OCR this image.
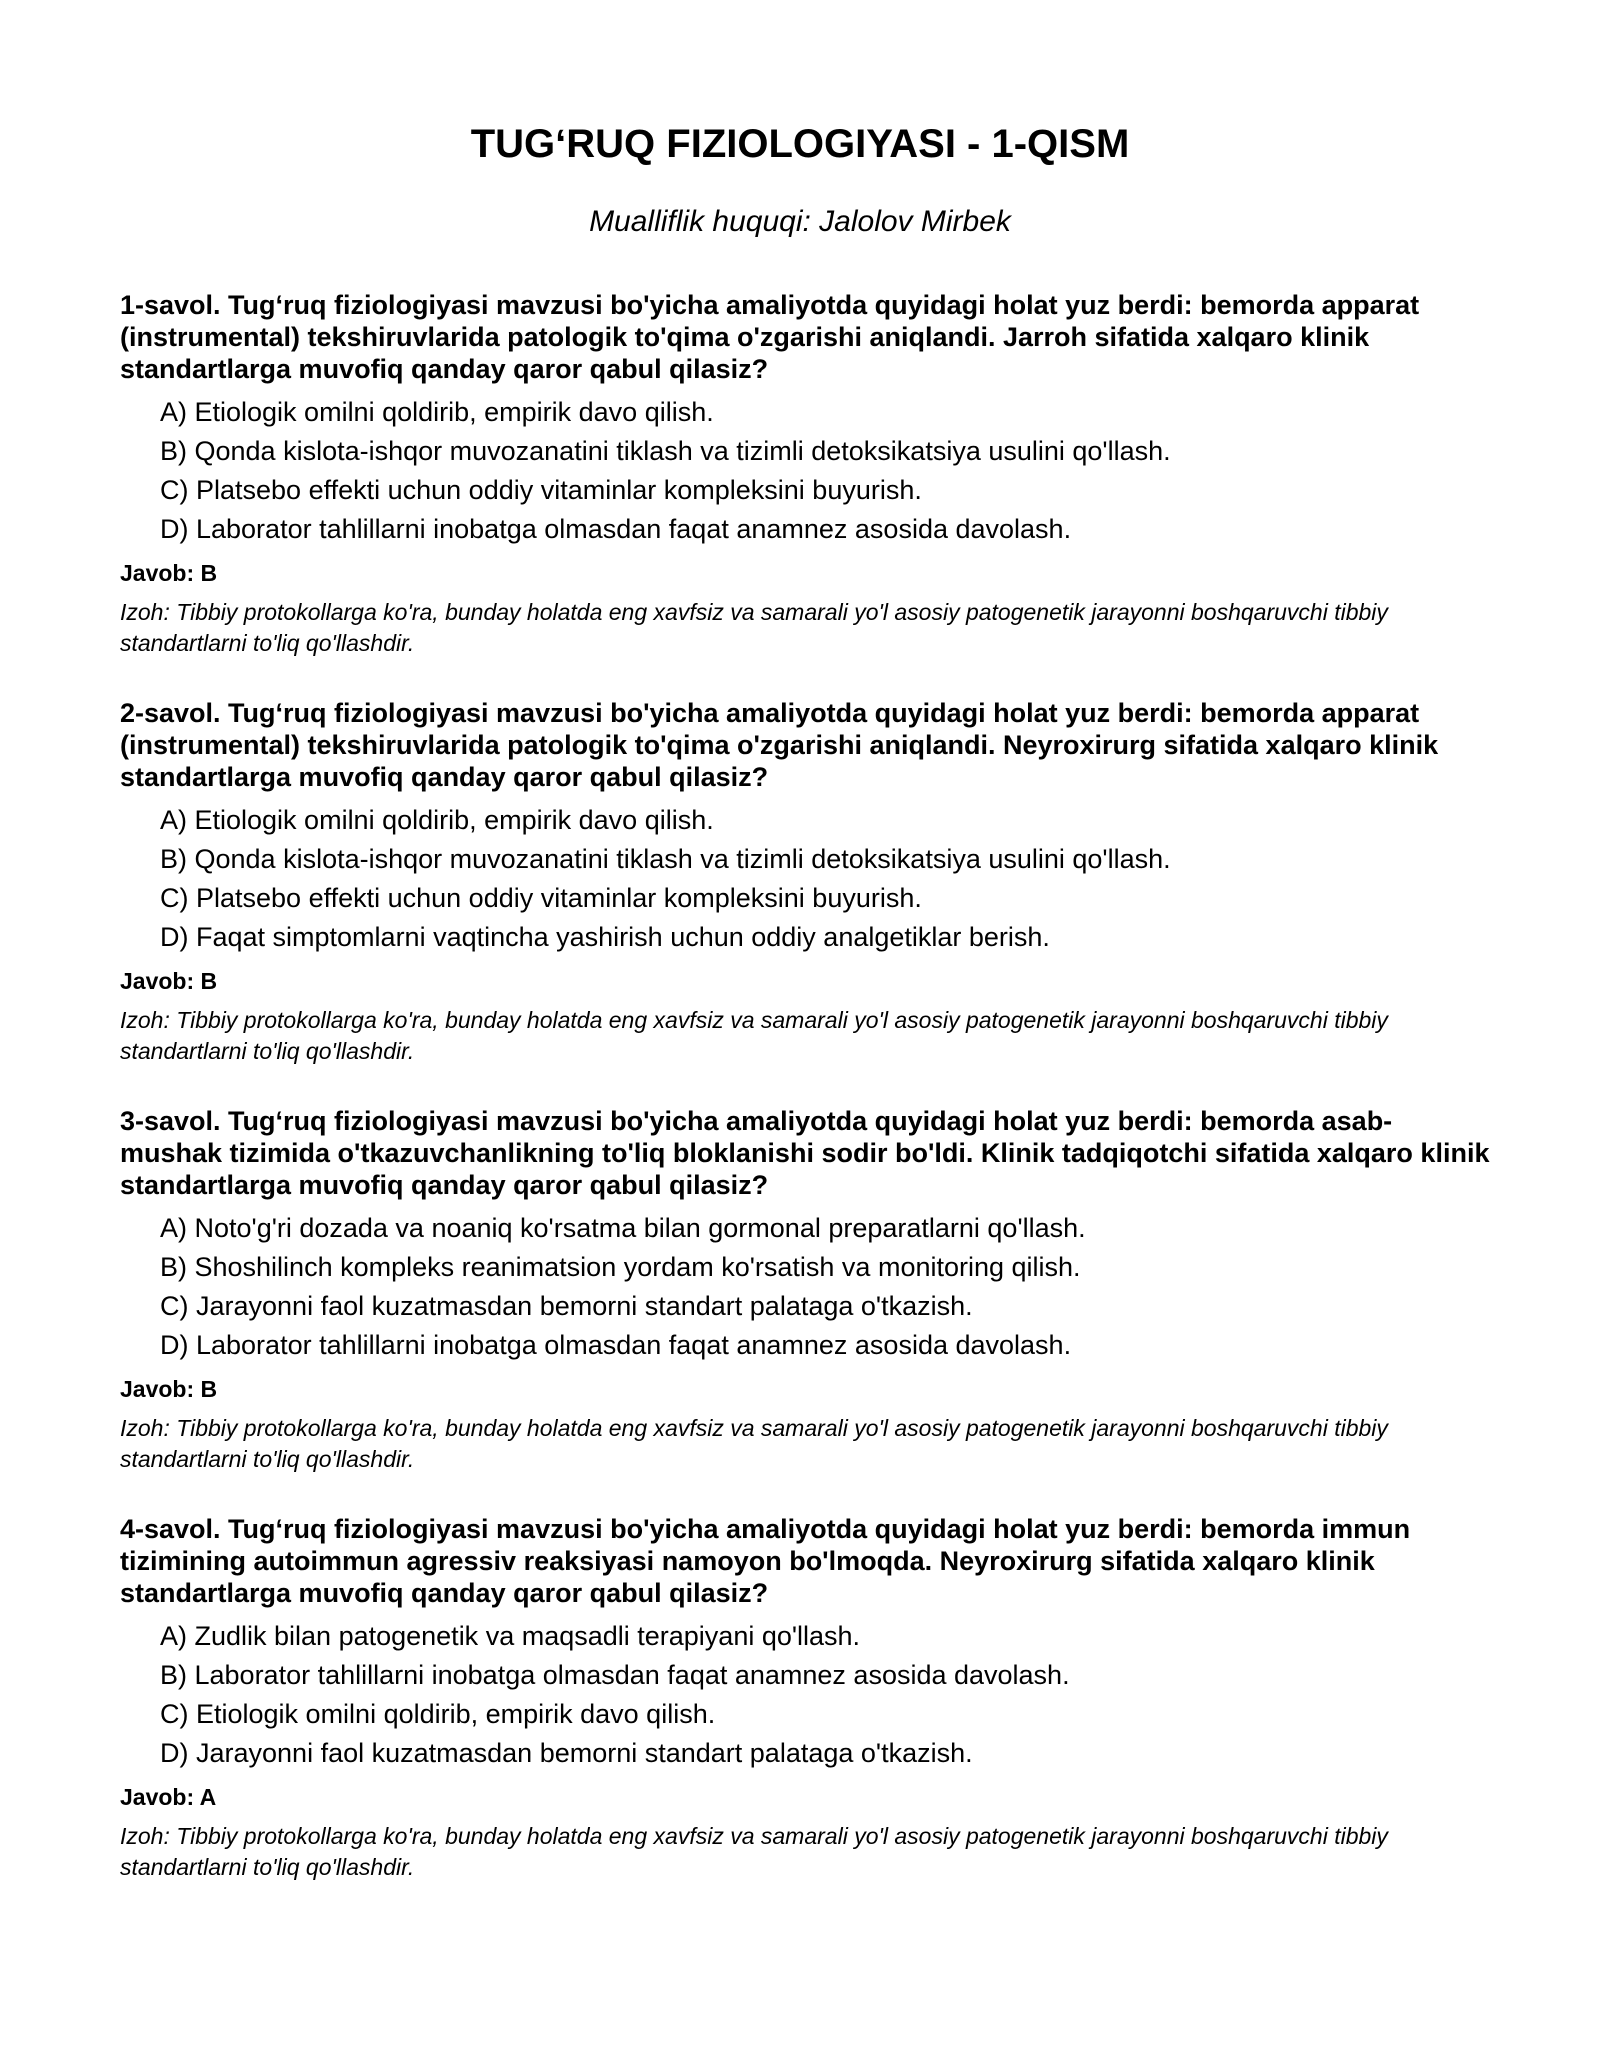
TUG‘RUQ FIZIOLOGIYASI - 1-QISM

Mualliflik huquqi: Jalolov Mirbek

1-savol. Tug‘ruq fiziologiyasi mavzusi bo'yicha amaliyotda quyidagi holat yuz berdi: bemorda apparat (instrumental) tekshiruvlarida patologik to'qima o'zgarishi aniqlandi. Jarroh sifatida xalqaro klinik standartlarga muvofiq qanday qaror qabul qilasiz?

A) Etiologik omilni qoldirib, empirik davo qilish.
B) Qonda kislota-ishqor muvozanatini tiklash va tizimli detoksikatsiya usulini qo'llash.
C) Platsebo effekti uchun oddiy vitaminlar kompleksini buyurish.
D) Laborator tahlillarni inobatga olmasdan faqat anamnez asosida davolash.

Javob: B

Izoh: Tibbiy protokollarga ko'ra, bunday holatda eng xavfsiz va samarali yo'l asosiy patogenetik jarayonni boshqaruvchi tibbiy standartlarni to'liq qo'llashdir.

2-savol. Tug‘ruq fiziologiyasi mavzusi bo'yicha amaliyotda quyidagi holat yuz berdi: bemorda apparat (instrumental) tekshiruvlarida patologik to'qima o'zgarishi aniqlandi. Neyroxirurg sifatida xalqaro klinik standartlarga muvofiq qanday qaror qabul qilasiz?

A) Etiologik omilni qoldirib, empirik davo qilish.
B) Qonda kislota-ishqor muvozanatini tiklash va tizimli detoksikatsiya usulini qo'llash.
C) Platsebo effekti uchun oddiy vitaminlar kompleksini buyurish.
D) Faqat simptomlarni vaqtincha yashirish uchun oddiy analgetiklar berish.

Javob: B

Izoh: Tibbiy protokollarga ko'ra, bunday holatda eng xavfsiz va samarali yo'l asosiy patogenetik jarayonni boshqaruvchi tibbiy standartlarni to'liq qo'llashdir.

3-savol. Tug‘ruq fiziologiyasi mavzusi bo'yicha amaliyotda quyidagi holat yuz berdi: bemorda asab-mushak tizimida o'tkazuvchanlikning to'liq bloklanishi sodir bo'ldi. Klinik tadqiqotchi sifatida xalqaro klinik standartlarga muvofiq qanday qaror qabul qilasiz?

A) Noto'g'ri dozada va noaniq ko'rsatma bilan gormonal preparatlarni qo'llash.
B) Shoshilinch kompleks reanimatsion yordam ko'rsatish va monitoring qilish.
C) Jarayonni faol kuzatmasdan bemorni standart palataga o'tkazish.
D) Laborator tahlillarni inobatga olmasdan faqat anamnez asosida davolash.

Javob: B

Izoh: Tibbiy protokollarga ko'ra, bunday holatda eng xavfsiz va samarali yo'l asosiy patogenetik jarayonni boshqaruvchi tibbiy standartlarni to'liq qo'llashdir.

4-savol. Tug‘ruq fiziologiyasi mavzusi bo'yicha amaliyotda quyidagi holat yuz berdi: bemorda immun tizimining autoimmun agressiv reaksiyasi namoyon bo'lmoqda. Neyroxirurg sifatida xalqaro klinik standartlarga muvofiq qanday qaror qabul qilasiz?

A) Zudlik bilan patogenetik va maqsadli terapiyani qo'llash.
B) Laborator tahlillarni inobatga olmasdan faqat anamnez asosida davolash.
C) Etiologik omilni qoldirib, empirik davo qilish.
D) Jarayonni faol kuzatmasdan bemorni standart palataga o'tkazish.

Javob: A

Izoh: Tibbiy protokollarga ko'ra, bunday holatda eng xavfsiz va samarali yo'l asosiy patogenetik jarayonni boshqaruvchi tibbiy standartlarni to'liq qo'llashdir.
